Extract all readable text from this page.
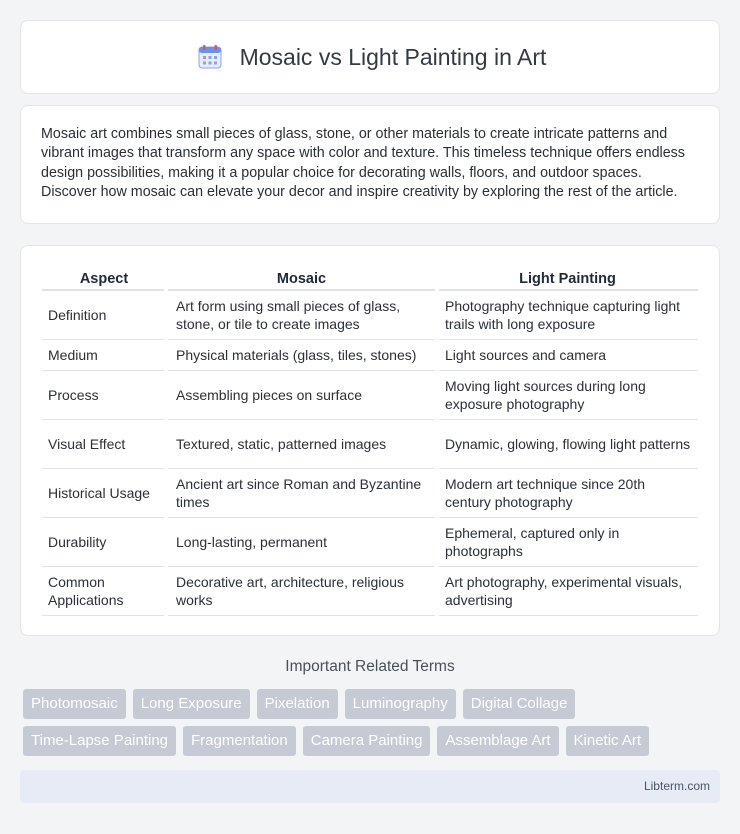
Mosaic vs Light Painting in Art

Mosaic art combines small pieces of glass, stone, or other materials to create intricate patterns and vibrant images that transform any space with color and texture. This timeless technique offers endless design possibilities, making it a popular choice for decorating walls, floors, and outdoor spaces. Discover how mosaic can elevate your decor and inspire creativity by exploring the rest of the article.

Aspect	Mosaic	Light Painting
Definition	Art form using small pieces of glass, stone, or tile to create images	Photography technique capturing light trails with long exposure
Medium	Physical materials (glass, tiles, stones)	Light sources and camera
Process	Assembling pieces on surface	Moving light sources during long exposure photography
Visual Effect	Textured, static, patterned images	Dynamic, glowing, flowing light patterns
Historical Usage	Ancient art since Roman and Byzantine times	Modern art technique since 20th century photography
Durability	Long-lasting, permanent	Ephemeral, captured only in photographs
Common Applications	Decorative art, architecture, religious works	Art photography, experimental visuals, advertising
Important Related Terms
Photomosaic	Long Exposure	Pixelation	Luminography	Digital Collage
Time-Lapse Painting	Fragmentation	Camera Painting	Assemblage Art	Kinetic Art
Libterm.com
